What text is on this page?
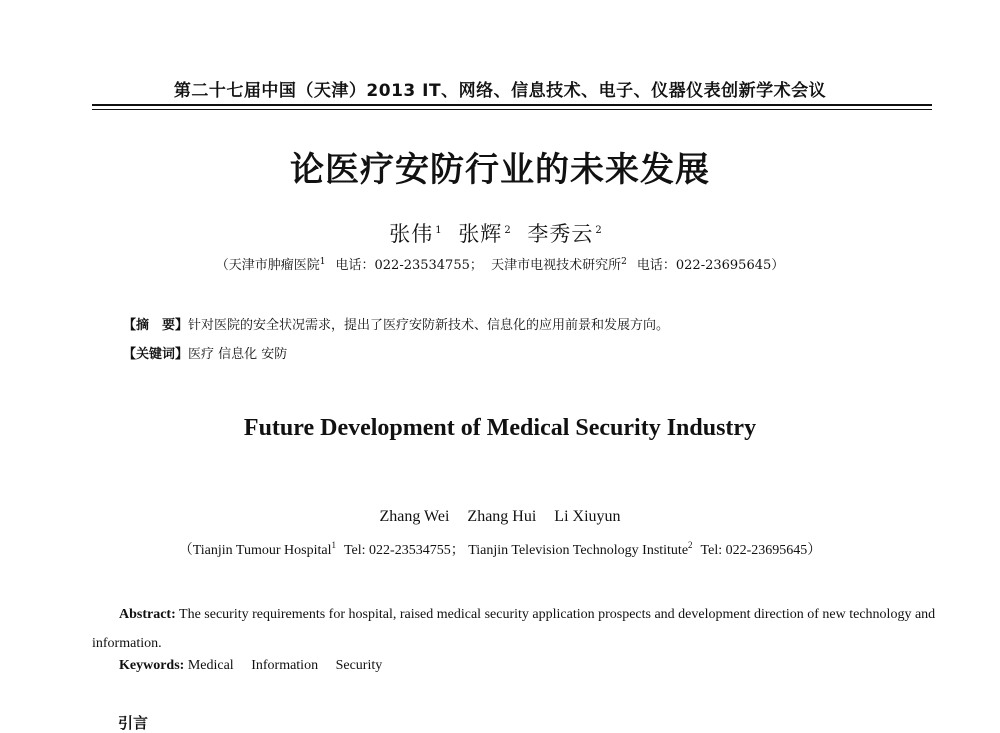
第二十七届中国（天津）2013 IT、网络、信息技术、电子、仪器仪表创新学术会议
论医疗安防行业的未来发展
张伟 $^1$ 张辉 $^2$ 李秀云 $^2$
（天津市肿瘤医院$^1$ 电话：022-23534755； 天津市电视技术研究所$^2$ 电话：022-23695645）
【摘　要】针对医院的安全状况需求，提出了医疗安防新技术、信息化的应用前景和发展方向。
【关键词】医疗 信息化 安防
Future Development of Medical Security Industry
Zhang Wei Zhang Hui Li Xiuyun
（Tianjin Tumour Hospital$^1$ Tel: 022-23534755； Tianjin Television Technology Institute$^2$ Tel: 022-23695645）
Abstract: The security requirements for hospital, raised medical security application prospects and development direction of new technology and information.
Keywords: Medical Information Security
引言
